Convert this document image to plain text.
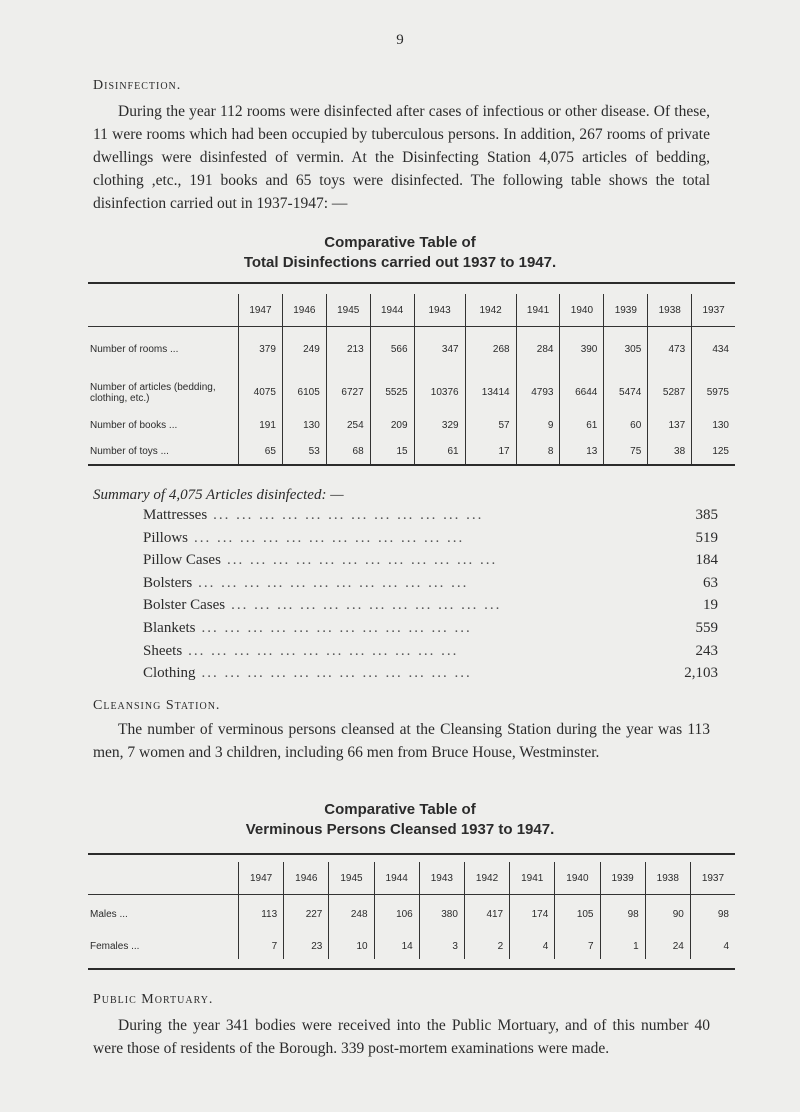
9
Disinfection.
During the year 112 rooms were disinfected after cases of infectious or other disease. Of these, 11 were rooms which had been occupied by tuberculous persons. In addition, 267 rooms of private dwellings were disinfested of vermin. At the Disinfecting Station 4,075 articles of bedding, clothing ,etc., 191 books and 65 toys were disinfected. The following table shows the total disinfection carried out in 1937-1947: —
Comparative Table of
Total Disinfections carried out 1937 to 1947.
	1947	1946	1945	1944	1943	1942	1941	1940	1939	1938	1937
Number of rooms ...	379	249	213	566	347	268	284	390	305	473	434
Number of articles (bedding, clothing, etc.)	4075	6105	6727	5525	10376	13414	4793	6644	5474	5287	5975
Number of books ...	191	130	254	209	329	57	9	61	60	137	130
Number of toys ...	65	53	68	15	61	17	8	13	75	38	125
Summary of 4,075 Articles disinfected: —
Mattresses ... ... ... ... ... ... ... ... ... ... ... ...	385
Pillows ... ... ... ... ... ... ... ... ... ... ... ...	519
Pillow Cases ... ... ... ... ... ... ... ... ... ... ... ...	184
Bolsters ... ... ... ... ... ... ... ... ... ... ... ...	63
Bolster Cases ... ... ... ... ... ... ... ... ... ... ... ...	19
Blankets ... ... ... ... ... ... ... ... ... ... ... ...	559
Sheets ... ... ... ... ... ... ... ... ... ... ... ...	243
Clothing ... ... ... ... ... ... ... ... ... ... ... ...	2,103
Cleansing Station.
The number of verminous persons cleansed at the Cleansing Station during the year was 113 men, 7 women and 3 children, including 66 men from Bruce House, Westminster.
Comparative Table of
Verminous Persons Cleansed 1937 to 1947.
	1947	1946	1945	1944	1943	1942	1941	1940	1939	1938	1937
Males ...	113	227	248	106	380	417	174	105	98	90	98
Females ...	7	23	10	14	3	2	4	7	1	24	4
Public Mortuary.
During the year 341 bodies were received into the Public Mortuary, and of this number 40 were those of residents of the Borough. 339 post-mortem examinations were made.
